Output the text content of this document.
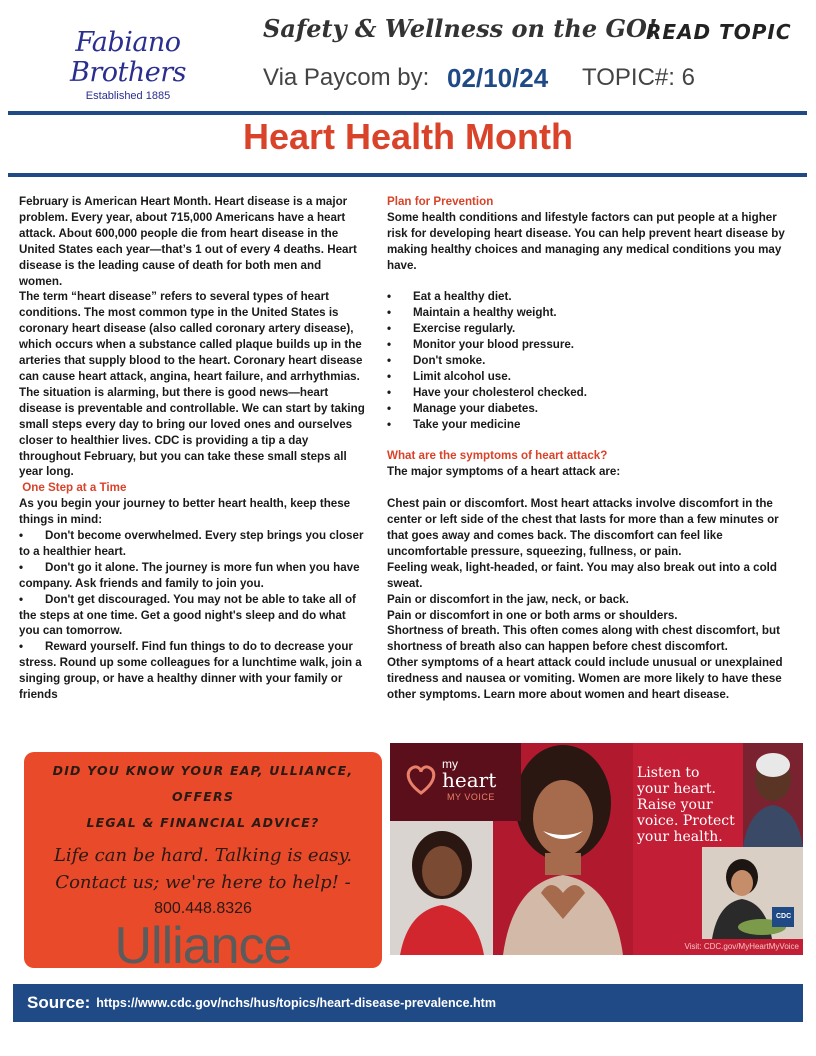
Fabiano Brothers
Established 1885
Safety & Wellness on the GO!
READ TOPIC
Via Paycom by: 02/10/24 TOPIC#: 6
Heart Health Month

February is American Heart Month. Heart disease is a major problem. Every year, about 715,000 Americans have a heart attack. About 600,000 people die from heart disease in the United States each year—that’s 1 out of every 4 deaths. Heart disease is the leading cause of death for both men and women.

The term “heart disease” refers to several types of heart conditions. The most common type in the United States is coronary heart disease (also called coronary artery disease), which occurs when a substance called plaque builds up in the arteries that supply blood to the heart. Coronary heart disease can cause heart attack, angina, heart failure, and arrhythmias.

The situation is alarming, but there is good news—heart disease is preventable and controllable. We can start by taking small steps every day to bring our loved ones and ourselves closer to healthier lives. CDC is providing a tip a day throughout February, but you can take these small steps all year long.

One Step at a Time

As you begin your journey to better heart health, keep these things in mind:

• Don't become overwhelmed. Every step brings you closer to a healthier heart.

• Don't go it alone. The journey is more fun when you have company. Ask friends and family to join you.

• Don't get discouraged. You may not be able to take all of the steps at one time. Get a good night's sleep and do what you can tomorrow.

• Reward yourself. Find fun things to do to decrease your stress. Round up some colleagues for a lunchtime walk, join a singing group, or have a healthy dinner with your family or friends

Plan for Prevention

Some health conditions and lifestyle factors can put people at a higher risk for developing heart disease. You can help prevent heart disease by making healthy choices and managing any medical conditions you may have.

•	Eat a healthy diet.
•	Maintain a healthy weight.
•	Exercise regularly.
•	Monitor your blood pressure.
•	Don't smoke.
•	Limit alcohol use.
•	Have your cholesterol checked.
•	Manage your diabetes.
•	Take your medicine

What are the symptoms of heart attack?

The major symptoms of a heart attack are:

Chest pain or discomfort. Most heart attacks involve discomfort in the center or left side of the chest that lasts for more than a few minutes or that goes away and comes back. The discomfort can feel like uncomfortable pressure, squeezing, fullness, or pain.

Feeling weak, light-headed, or faint. You may also break out into a cold sweat.

Pain or discomfort in the jaw, neck, or back.

Pain or discomfort in one or both arms or shoulders.

Shortness of breath. This often comes along with chest discomfort, but shortness of breath also can happen before chest discomfort.

Other symptoms of a heart attack could include unusual or unexplained tiredness and nausea or vomiting. Women are more likely to have these other symptoms. Learn more about women and heart disease.

DID YOU KNOW YOUR EAP, ULLIANCE, OFFERS
LEGAL & FINANCIAL ADVICE?
Life can be hard. Talking is easy.
Contact us; we're here to help! -
800.448.8326
Ulliance
my
heart
MY VOICE
Listen to
your heart.
Raise your
voice. Protect
your health.
CDC
Visit: CDC.gov/MyHeartMyVoice
Source: https://www.cdc.gov/nchs/hus/topics/heart-disease-prevalence.htm
